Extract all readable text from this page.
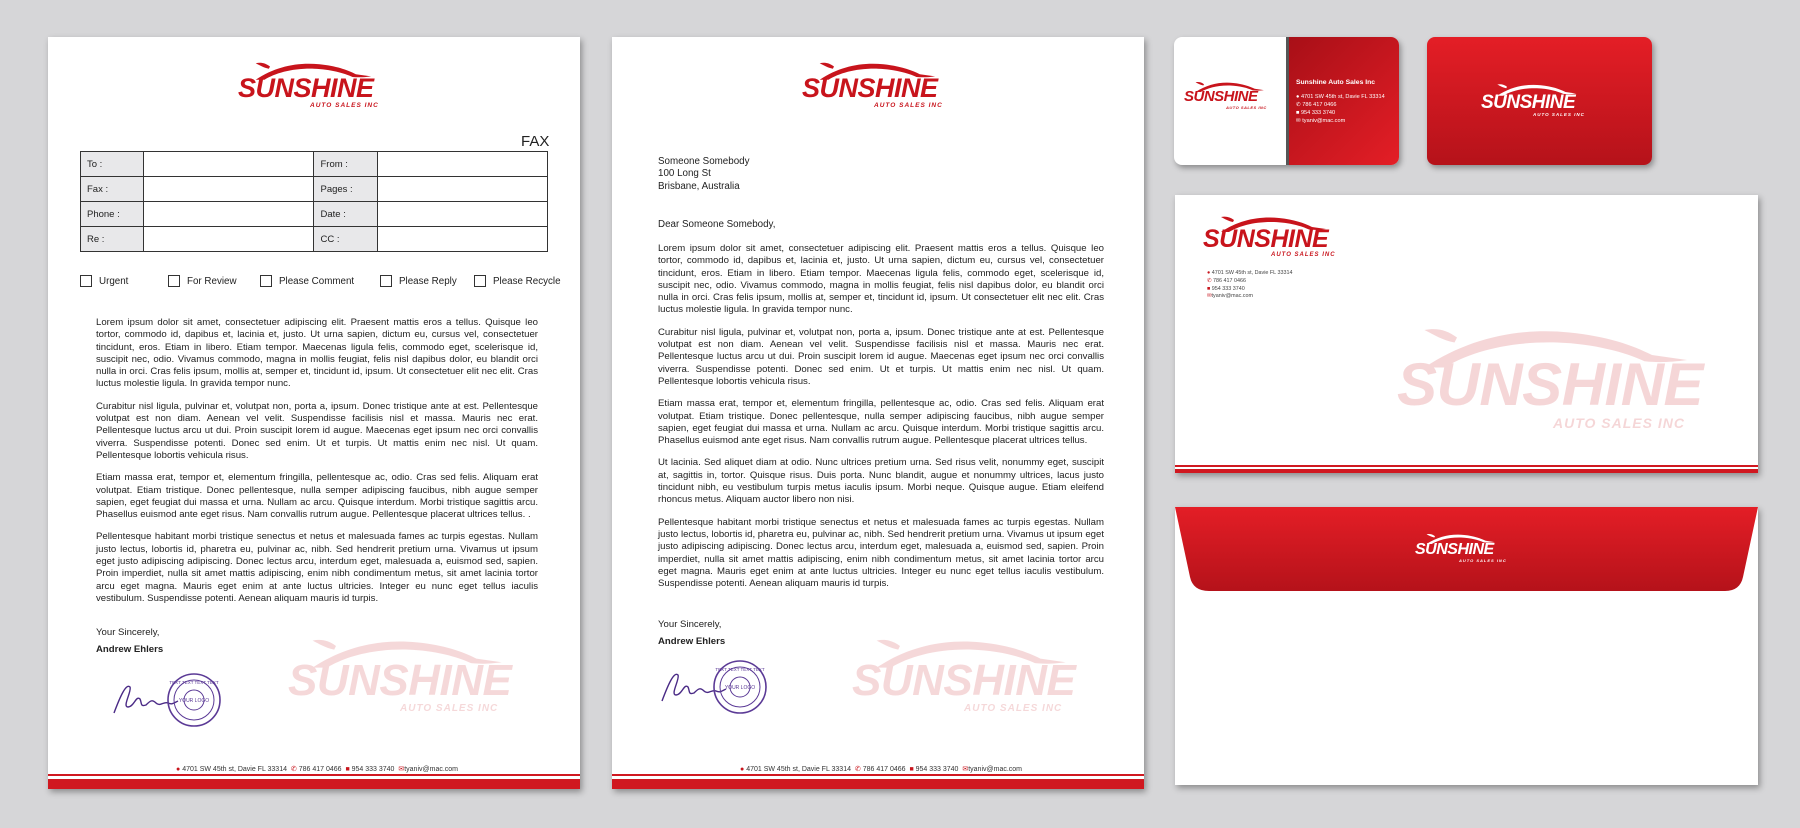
SUNSHINE
AUTO SALES INC
FAX
To :		From :	
Fax :		Pages :	
Phone :		Date :	
Re :		CC :	
Urgent	For Review	Please Comment	Please Reply	Please Recycle

Lorem ipsum dolor sit amet, consectetuer adipiscing elit. Praesent mattis eros a tellus. Quisque leo tortor, commodo id, dapibus et, lacinia et, justo. Ut urna sapien, dictum eu, cursus vel, consectetuer tincidunt, eros. Etiam in libero. Etiam tempor. Maecenas ligula felis, commodo eget, scelerisque id, suscipit nec, odio. Vivamus commodo, magna in mollis feugiat, felis nisl dapibus dolor, eu blandit orci nulla in orci. Cras felis ipsum, mollis at, semper et, tincidunt id, ipsum. Ut consectetuer elit nec elit. Cras luctus molestie ligula. In gravida tempor nunc.

Curabitur nisl ligula, pulvinar et, volutpat non, porta a, ipsum. Donec tristique ante at est. Pellentesque volutpat est non diam. Aenean vel velit. Suspendisse facilisis nisl et massa. Mauris nec erat. Pellentesque luctus arcu ut dui. Proin suscipit lorem id augue. Maecenas eget ipsum nec orci convallis viverra. Suspendisse potenti. Donec sed enim. Ut et turpis. Ut mattis enim nec nisl. Ut quam. Pellentesque lobortis vehicula risus.

Etiam massa erat, tempor et, elementum fringilla, pellentesque ac, odio. Cras sed felis. Aliquam erat volutpat. Etiam tristique. Donec pellentesque, nulla semper adipiscing faucibus, nibh augue semper sapien, eget feugiat dui massa et urna. Nullam ac arcu. Quisque interdum. Morbi tristique sagittis arcu. Phasellus euismod ante eget risus. Nam convallis rutrum augue. Pellentesque placerat ultrices tellus. .

Pellentesque habitant morbi tristique senectus et netus et malesuada fames ac turpis egestas. Nullam justo lectus, lobortis id, pharetra eu, pulvinar ac, nibh. Sed hendrerit pretium urna. Vivamus ut ipsum eget justo adipiscing adipiscing. Donec lectus arcu, interdum eget, malesuada a, euismod sed, sapien. Proin imperdiet, nulla sit amet mattis adipiscing, enim nibh condimentum metus, sit amet lacinia tortor arcu eget magna. Mauris eget enim at ante luctus ultricies. Integer eu nunc eget tellus iaculis vestibulum. Suspendisse potenti. Aenean aliquam mauris id turpis.

Your Sincerely,
Andrew Ehlers
YOUR LOGO
TEXT TEXT TEXT TEXT SUNSHINE
AUTO SALES INC
● 4701 SW 45th st, Davie FL 33314 ✆ 786 417 0466 ■ 954 333 3740 ✉tyaniv@mac.com
SUNSHINE
AUTO SALES INC
Someone Somebody
100 Long St
Brisbane, Australia
Dear Someone Somebody,

Lorem ipsum dolor sit amet, consectetuer adipiscing elit. Praesent mattis eros a tellus. Quisque leo tortor, commodo id, dapibus et, lacinia et, justo. Ut urna sapien, dictum eu, cursus vel, consectetuer tincidunt, eros. Etiam in libero. Etiam tempor. Maecenas ligula felis, commodo eget, scelerisque id, suscipit nec, odio. Vivamus commodo, magna in mollis feugiat, felis nisl dapibus dolor, eu blandit orci nulla in orci. Cras felis ipsum, mollis at, semper et, tincidunt id, ipsum. Ut consectetuer elit nec elit. Cras luctus molestie ligula. In gravida tempor nunc.

Curabitur nisl ligula, pulvinar et, volutpat non, porta a, ipsum. Donec tristique ante at est. Pellentesque volutpat est non diam. Aenean vel velit. Suspendisse facilisis nisl et massa. Mauris nec erat. Pellentesque luctus arcu ut dui. Proin suscipit lorem id augue. Maecenas eget ipsum nec orci convallis viverra. Suspendisse potenti. Donec sed enim. Ut et turpis. Ut mattis enim nec nisl. Ut quam. Pellentesque lobortis vehicula risus.

Etiam massa erat, tempor et, elementum fringilla, pellentesque ac, odio. Cras sed felis. Aliquam erat volutpat. Etiam tristique. Donec pellentesque, nulla semper adipiscing faucibus, nibh augue semper sapien, eget feugiat dui massa et urna. Nullam ac arcu. Quisque interdum. Morbi tristique sagittis arcu. Phasellus euismod ante eget risus. Nam convallis rutrum augue. Pellentesque placerat ultrices tellus.

Ut lacinia. Sed aliquet diam at odio. Nunc ultrices pretium urna. Sed risus velit, nonummy eget, suscipit at, sagittis in, tortor. Quisque risus. Duis porta. Nunc blandit, augue et nonummy ultrices, lacus justo tincidunt nibh, eu vestibulum turpis metus iaculis ipsum. Morbi neque. Quisque augue. Etiam eleifend rhoncus metus. Aliquam auctor libero non nisi.

Pellentesque habitant morbi tristique senectus et netus et malesuada fames ac turpis egestas. Nullam justo lectus, lobortis id, pharetra eu, pulvinar ac, nibh. Sed hendrerit pretium urna. Vivamus ut ipsum eget justo adipiscing adipiscing. Donec lectus arcu, interdum eget, malesuada a, euismod sed, sapien. Proin imperdiet, nulla sit amet mattis adipiscing, enim nibh condimentum metus, sit amet lacinia tortor arcu eget magna. Mauris eget enim at ante luctus ultricies. Integer eu nunc eget tellus iaculis vestibulum. Suspendisse potenti. Aenean aliquam mauris id turpis.

Your Sincerely,
Andrew Ehlers
YOUR LOGO
TEXT TEXT TEXT TEXT SUNSHINE
AUTO SALES INC
● 4701 SW 45th st, Davie FL 33314 ✆ 786 417 0466 ■ 954 333 3740 ✉tyaniv@mac.com
SUNSHINE
AUTO SALES INC
Sunshine Auto Sales Inc
● 4701 SW 45th st, Davie FL 33314
✆ 786 417 0466
■ 954 333 3740
✉ tyaniv@mac.com
SUNSHINE
AUTO SALES INC
SUNSHINE
AUTO SALES INC
● 4701 SW 45th st, Davie FL 33314
✆ 786 417 0466
■ 954 333 3740
✉tyaniv@mac.com
SUNSHINE
AUTO SALES INC
SUNSHINE
AUTO SALES INC
